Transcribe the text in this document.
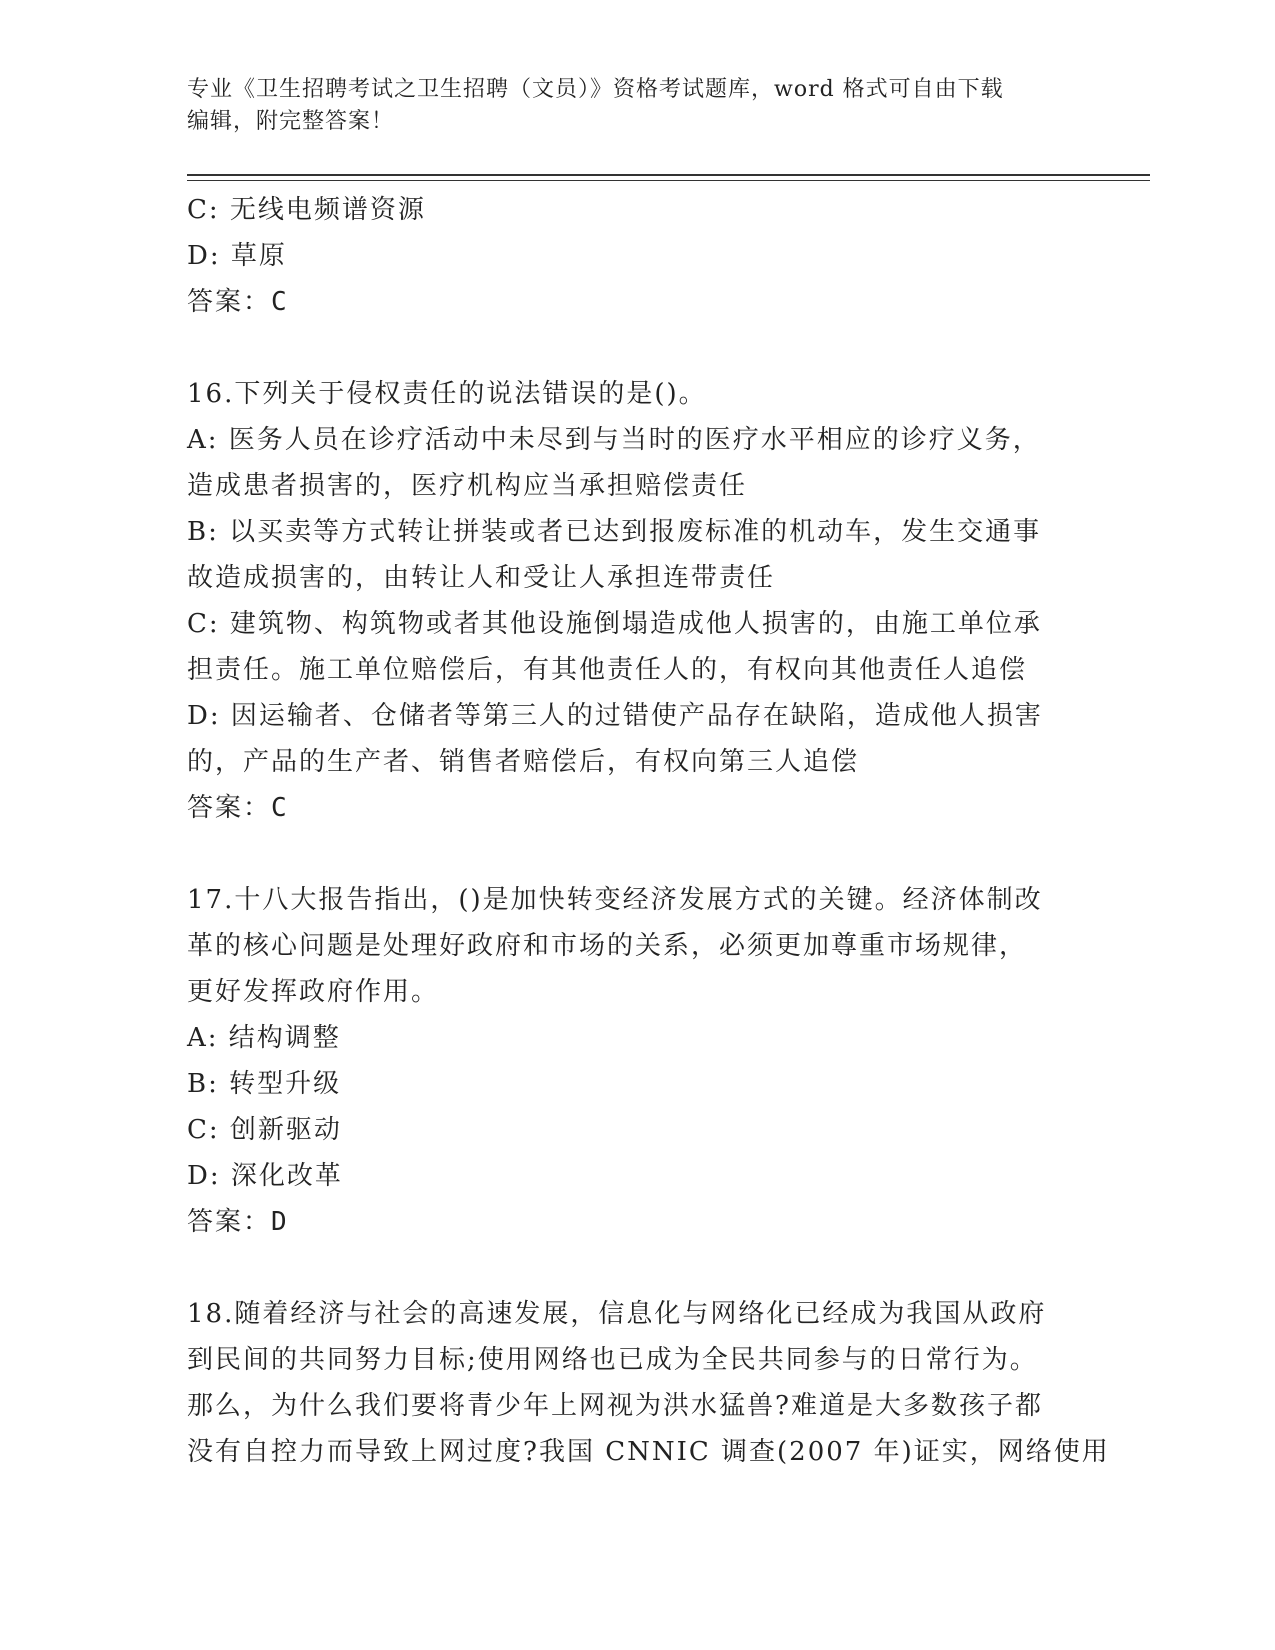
专业《卫生招聘考试之卫生招聘（文员）》资格考试题库，word 格式可自由下载
编辑，附完整答案！
C: 无线电频谱资源
D: 草原
答案：C
16.下列关于侵权责任的说法错误的是()。
A: 医务人员在诊疗活动中未尽到与当时的医疗水平相应的诊疗义务，
造成患者损害的，医疗机构应当承担赔偿责任
B: 以买卖等方式转让拼装或者已达到报废标准的机动车，发生交通事
故造成损害的，由转让人和受让人承担连带责任
C: 建筑物、构筑物或者其他设施倒塌造成他人损害的，由施工单位承
担责任。施工单位赔偿后，有其他责任人的，有权向其他责任人追偿
D: 因运输者、仓储者等第三人的过错使产品存在缺陷，造成他人损害
的，产品的生产者、销售者赔偿后，有权向第三人追偿
答案：C
17.十八大报告指出，()是加快转变经济发展方式的关键。经济体制改
革的核心问题是处理好政府和市场的关系，必须更加尊重市场规律，
更好发挥政府作用。
A: 结构调整
B: 转型升级
C: 创新驱动
D: 深化改革
答案：D
18.随着经济与社会的高速发展，信息化与网络化已经成为我国从政府
到民间的共同努力目标;使用网络也已成为全民共同参与的日常行为。
那么，为什么我们要将青少年上网视为洪水猛兽?难道是大多数孩子都
没有自控力而导致上网过度?我国 CNNIC 调查(2007 年)证实，网络使用
